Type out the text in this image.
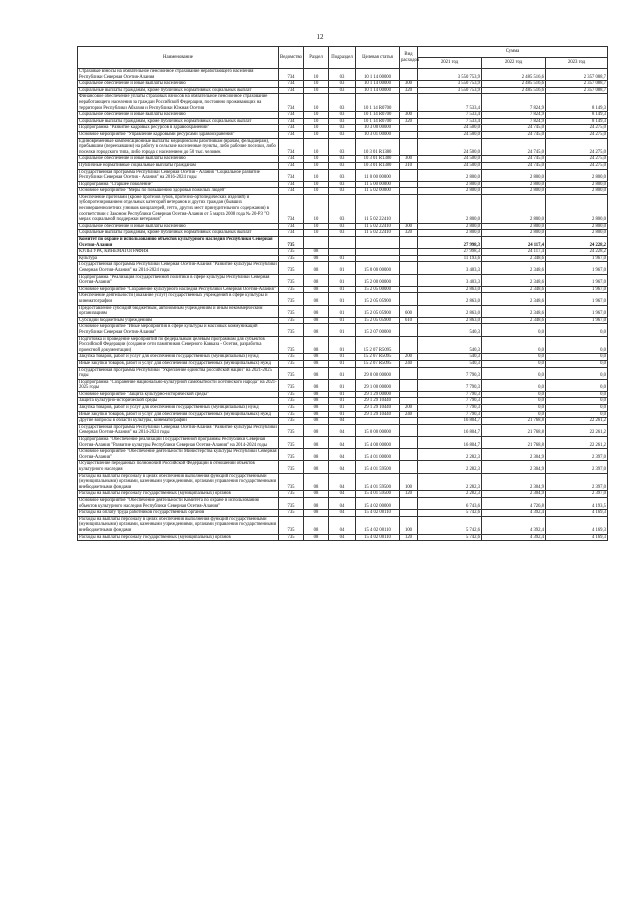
12
Наименование	Ведомство	Раздел	Подраздел	Целевая статья	Вид расходов	Сумма		
						2021 год	2022 год	2023 год
Страховые взносы на обязательное пенсионное страхование неработающего населения Республики Северная Осетия-Алания	734	10	03	10 1 14 00000		3 550 753,9	2 485 516,6	2 357 088,7
Социальное обеспечение и иные выплаты населению	734	10	03	10 1 14 00000	300	3 550 753,9	2 485 516,6	2 357 088,7
Социальные выплаты гражданам, кроме публичных нормативных социальных выплат	734	10	03	10 1 14 00000	320	3 550 753,9	2 485 516,6	2 357 088,7
Финансовое обеспечение уплаты страховых взносов на обязательное пенсионное страхование неработающего населения за граждан Российской Федерации, постоянно проживающих на территории Республики Абхазия и Республики Южная Осетия	734	10	03	10 1 14 R0700		7 533,4	7 824,9	8 149,3
Социальное обеспечение и иные выплаты населению	734	10	03	10 1 14 R0700	300	7 533,4	7 824,9	8 149,3
Социальные выплаты гражданам, кроме публичных нормативных социальных выплат	734	10	03	10 1 14 R0700	320	7 533,4	7 824,9	8 149,3
Подпрограмма "Развитие кадровых ресурсов в здравоохранении"	734	10	03	10 3 00 00000		24 500,0	24 745,0	24 275,0
Основное мероприятие "Управление кадровыми ресурсами здравоохранения"	734	10	03	10 3 01 00000		24 500,0	24 745,0	24 275,0
Единовременные компенсационные выплаты медицинским работникам (врачам, фельдшерам), прибывшим (переехавшим) на работу в сельские населенные пункты, либо рабочие поселки, либо поселки городского типа, либо города с населением до 50 тыс. человек	734	10	03	10 3 01 R1380		24 500,0	24 745,0	24 275,0
Социальное обеспечение и иные выплаты населению	734	10	03	10 3 01 R1380	300	24 500,0	24 745,0	24 275,0
Публичные нормативные социальные выплаты гражданам	734	10	03	10 3 01 R1380	310	24 500,0	24 745,0	24 275,0
Государственная программа Республики Северная Осетия - Алания "Социальное развитие Республики Северная Осетия - Алания" на 2016-2024 годы	734	10	03	11 0 00 00000		2 800,0	2 800,0	2 800,0
Подпрограмма "Старшее поколение"	734	10	03	11 5 00 00000		2 800,0	2 800,0	2 800,0
Основное мероприятие "Меры по повышению здоровья пожилых людей"	734	10	03	11 5 02 00000		2 800,0	2 800,0	2 800,0
Обеспечение протезами (кроме протезов зубов, протезно-ортопедических изделий) и зубопротезированием отдельных категорий ветеранов и других граждан (бывших несовершеннолетних узников концлагерей, гетто, других мест принудительного содержания) в соответствии с Законом Республики Северная Осетия-Алания от 5 марта 2008 года № 20-РЗ "О мерах социальной поддержки ветеранов"	734	10	03	11 5 02 22410		2 800,0	2 800,0	2 800,0
Социальное обеспечение и иные выплаты населению	734	10	03	11 5 02 22410	300	2 800,0	2 800,0	2 800,0
Социальные выплаты гражданам, кроме публичных нормативных социальных выплат	734	10	03	11 5 02 22410	320	2 800,0	2 800,0	2 800,0
Комитет по охране и использованию объектов культурного наследия Республики Северная Осетия-Алания	735					27 998,3	24 117,4	24 228,2
КУЛЬТУРА, КИНЕМАТОГРАФИЯ	735	08				27 998,3	24 117,4	24 228,2
Культура	735	08	01			11 193,6	2 348,6	1 967,0
Государственная программа Республики Северная Осетия-Алания "Развитие культуры Республики Северная Осетия-Алания" на 2014-2024 годы	735	08	01	15 0 00 00000		3 403,3	2 348,6	1 967,0
Подпрограмма "Реализация государственной политики в сфере культуры Республики Северная Осетия-Алания"	735	08	01	15 2 00 00000		3 403,3	2 348,6	1 967,0
Основное мероприятие "Сохранение культурного наследия Республики Северная Осетия-Алания"	735	08	01	15 2 05 00000		2 863,0	2 348,6	1 967,0
Обеспечение деятельности (оказание услуг) государственных учреждений в сфере культуры и кинематографии	735	08	01	15 2 05 05900		2 863,0	2 348,6	1 967,0
Предоставление субсидий бюджетным, автономным учреждениям и иным некоммерческим организациям	735	08	01	15 2 05 05900	600	2 863,0	2 348,6	1 967,0
Субсидии бюджетным учреждениям	735	08	01	15 2 05 05900	610	2 863,0	2 348,6	1 967,0
Основное мероприятие "Иные мероприятия в сфере культуры и массовых коммуникаций Республики Северная Осетия-Алания"	735	08	01	15 2 07 00000		540,3	0,0	0,0
Подготовка и проведение мероприятий по федеральным целевым программам для субъектов Российской Федерации (создание сети памятников Северного Кавказа - Осетия, разработка проектной документации)	735	08	01	15 2 07 R5095		540,3	0,0	0,0
Закупка товаров, работ и услуг для обеспечения государственных (муниципальных) нужд	735	08	01	15 2 07 R5095	200	540,3	0,0	0,0
Иные закупки товаров, работ и услуг для обеспечения государственных (муниципальных) нужд	735	08	01	15 2 07 R5095	240	540,3	0,0	0,0
Государственная программа Республики "Укрепление единства российской нации" на 2021-2025 годы	735	08	01	29 0 00 00000		7 790,3	0,0	0,0
Подпрограмма "Сохранение национально-культурной самобытности осетинского народа" на 2021-2025 годы	735	08	01	29 1 00 00000		7 790,3	0,0	0,0
Основное мероприятие "Защита культурно-исторической среды"	735	08	01	29 1 29 00000		7 790,3	0,0	0,0
Защита культурно-исторической среды	735	08	01	29 1 29 10440		7 790,3	0,0	0,0
Закупка товаров, работ и услуг для обеспечения государственных (муниципальных) нужд	735	08	01	29 1 29 10440	200	7 790,3	0,0	0,0
Иные закупки товаров, работ и услуг для обеспечения государственных (муниципальных) нужд	735	08	01	29 1 29 10440	240	7 790,3	0,0	0,0
Другие вопросы в области культуры, кинематографии	735	08	04			16 804,7	21 768,8	22 261,2
Государственная программа Республики Северная Осетия-Алания "Развитие культуры Республики Северная Осетия-Алания" на 2014-2024 годы	735	08	04	15 0 00 00000		16 804,7	21 768,8	22 261,2
Подпрограмма "Обеспечение реализации Государственной программы Республики Северная Осетия-Алания "Развитие культуры Республики Северная Осетия-Алания" на 2014-2024 годы	735	08	04	15 4 00 00000		16 804,7	21 768,8	22 261,2
Основное мероприятие "Обеспечение деятельности Министерства культуры Республики Северная Осетия-Алания"	735	08	04	15 4 01 00000		2 282,3	2 304,9	2 397,0
Осуществление переданных полномочий Российской Федерации в отношении объектов культурного наследия	735	08	04	15 4 01 59500		2 282,3	2 304,9	2 397,0
Расходы на выплаты персоналу в целях обеспечения выполнения функций государственными (муниципальными) органами, казенными учреждениями, органами управления государственными внебюджетными фондами	735	08	04	15 4 01 59500	100	2 282,3	2 304,9	2 397,0
Расходы на выплаты персоналу государственных (муниципальных) органов	735	08	04	15 4 01 59500	120	2 282,3	2 304,9	2 397,0
Основное мероприятие "Обеспечение деятельности Комитета по охране и использованию объектов культурного наследия Республики Северная Осетия-Алания"	735	08	04	15 4 02 00000		6 743,6	4 726,8	4 193,5
Расходы на оплату труда работников государственных органов	735	08	04	15 4 02 00110		5 742,6	4 392,4	4 169,3
Расходы на выплаты персоналу в целях обеспечения выполнения функций государственными (муниципальными) органами, казенными учреждениями, органами управления государственными внебюджетными фондами	735	08	04	15 4 02 00110	100	5 742,6	4 392,4	4 169,3
Расходы на выплаты персоналу государственных (муниципальных) органов	735	08	04	15 4 02 00110	120	5 742,6	4 392,4	4 169,3
